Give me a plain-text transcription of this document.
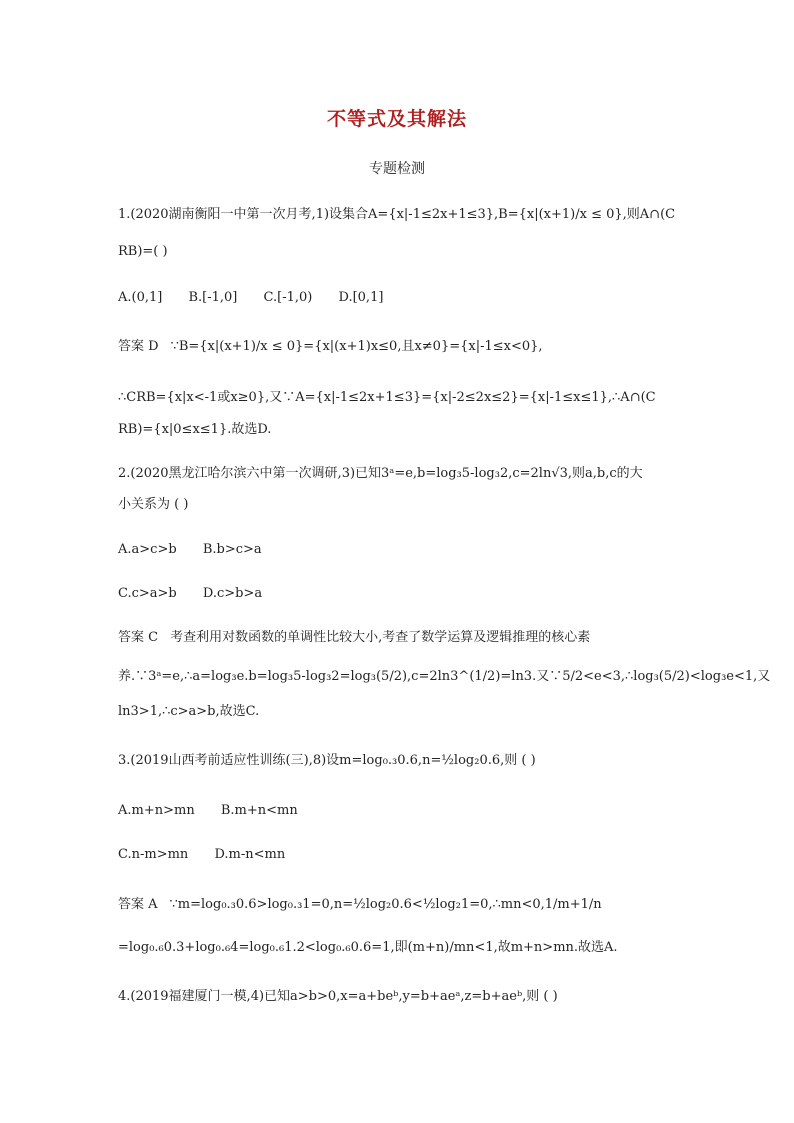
不等式及其解法
专题检测
1.(2020湖南衡阳一中第一次月考,1)设集合A={x|-1≤2x+1≤3},B={x|(x+1)/x ≤ 0},则A∩(C
RB)=( )
A.(0,1] B.[-1,0] C.[-1,0) D.[0,1]
答案 D ∵B={x|(x+1)/x ≤ 0}={x|(x+1)x≤0,且x≠0}={x|-1≤x<0},
∴CRB={x|x<-1或x≥0},又∵A={x|-1≤2x+1≤3}={x|-2≤2x≤2}={x|-1≤x≤1},∴A∩(C
RB)={x|0≤x≤1}.故选D.
2.(2020黑龙江哈尔滨六中第一次调研,3)已知3ᵃ=e,b=log₃5-log₃2,c=2ln√3,则a,b,c的大
小关系为 ( )
A.a>c>b B.b>c>a
C.c>a>b D.c>b>a
答案 C 考查利用对数函数的单调性比较大小,考查了数学运算及逻辑推理的核心素
养.∵3ᵃ=e,∴a=log₃e.b=log₃5-log₃2=log₃(5/2),c=2ln3^(1/2)=ln3.又∵5/2<e<3,∴log₃(5/2)<log₃e<1,又
ln3>1,∴c>a>b,故选C.
3.(2019山西考前适应性训练(三),8)设m=log₀.₃0.6,n=½log₂0.6,则 ( )
A.m+n>mn B.m+n<mn
C.n-m>mn D.m-n<mn
答案 A ∵m=log₀.₃0.6>log₀.₃1=0,n=½log₂0.6<½log₂1=0,∴mn<0,1/m+1/n
=log₀.₆0.3+log₀.₆4=log₀.₆1.2<log₀.₆0.6=1,即(m+n)/mn<1,故m+n>mn.故选A.
4.(2019福建厦门一模,4)已知a>b>0,x=a+beᵇ,y=b+aeᵃ,z=b+aeᵇ,则 ( )
